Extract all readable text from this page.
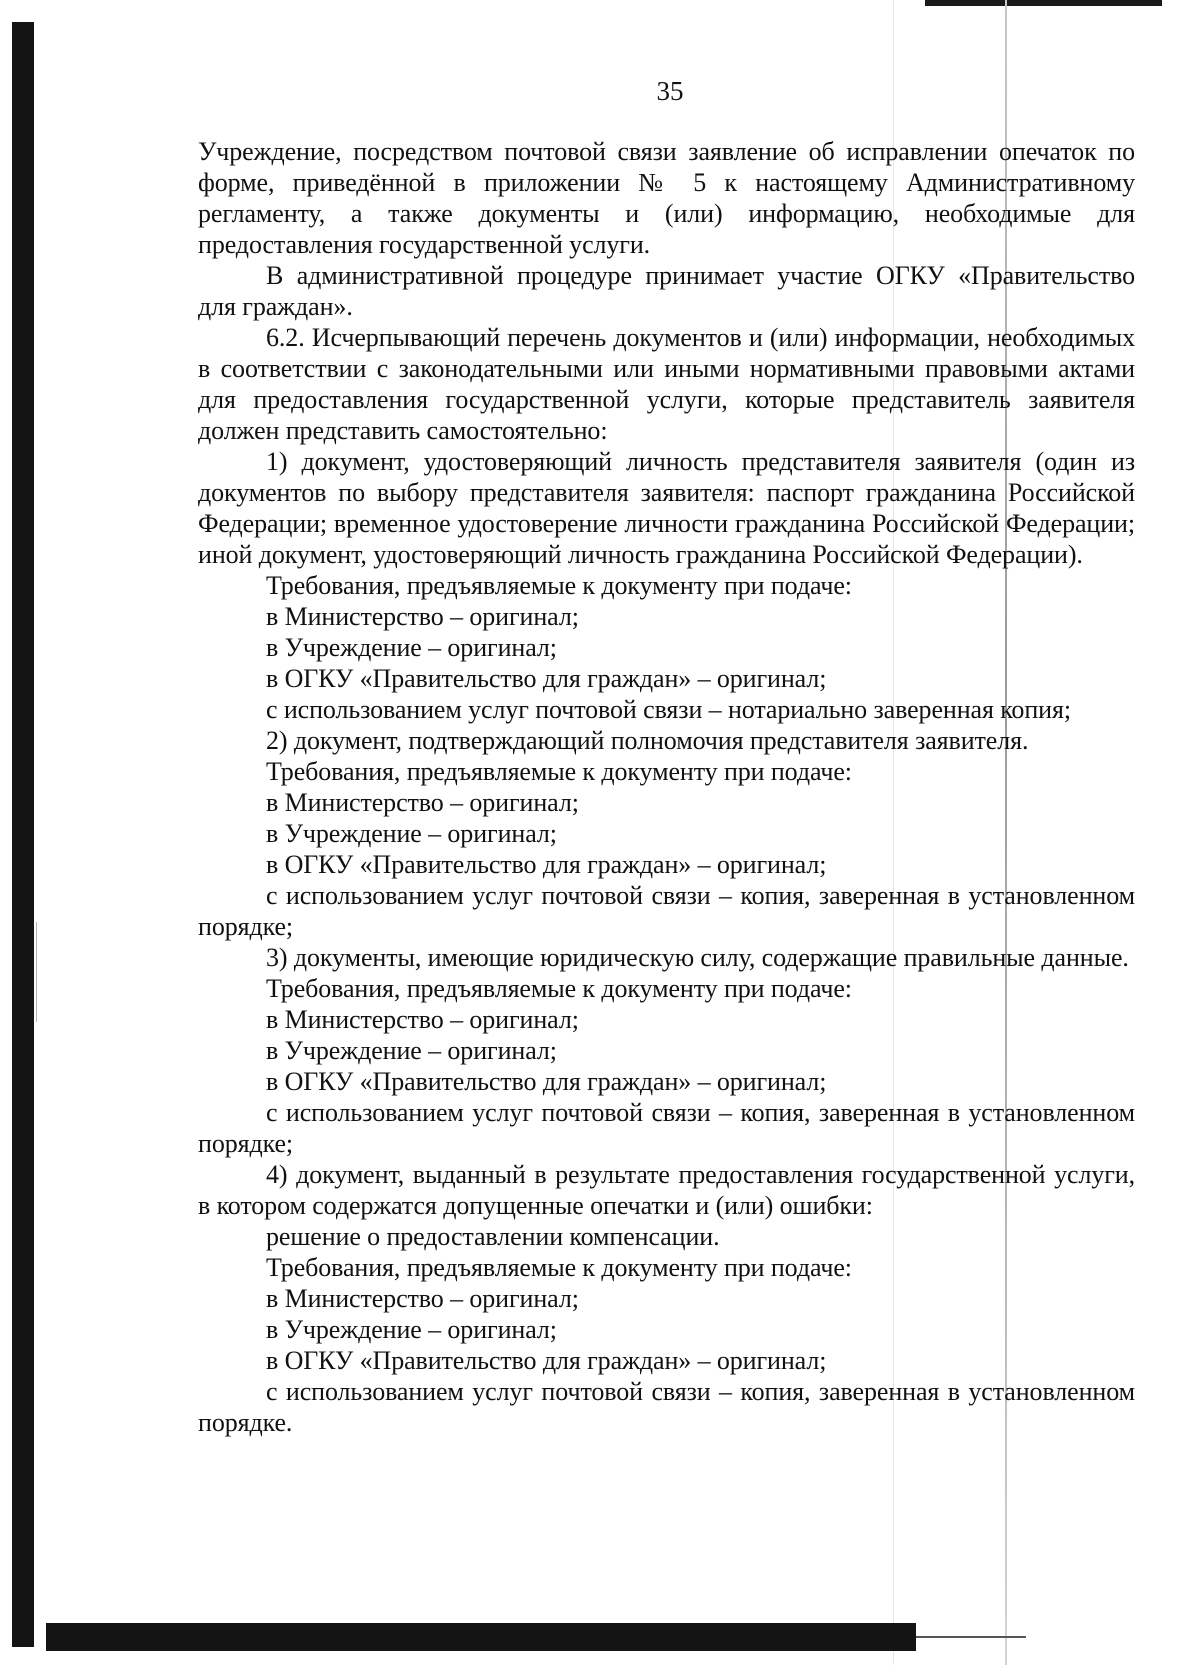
35

Учреждение, посредством почтовой связи заявление об исправлении опечаток по форме, приведённой в приложении № 5 к настоящему Административному регламенту, а также документы и (или) информацию, необходимые для предоставления государственной услуги.

В административной процедуре принимает участие ОГКУ «Правительство для граждан».

6.2. Исчерпывающий перечень документов и (или) информации, необходимых в соответствии с законодательными или иными нормативными правовыми актами для предоставления государственной услуги, которые представитель заявителя должен представить самостоятельно:

1) документ, удостоверяющий личность представителя заявителя (один из документов по выбору представителя заявителя: паспорт гражданина Российской Федерации; временное удостоверение личности гражданина Российской Федерации; иной документ, удостоверяющий личность гражданина Российской Федерации).

Требования, предъявляемые к документу при подаче:

в Министерство – оригинал;

в Учреждение – оригинал;

в ОГКУ «Правительство для граждан» – оригинал;

с использованием услуг почтовой связи – нотариально заверенная копия;

2) документ, подтверждающий полномочия представителя заявителя.

Требования, предъявляемые к документу при подаче:

в Министерство – оригинал;

в Учреждение – оригинал;

в ОГКУ «Правительство для граждан» – оригинал;

с использованием услуг почтовой связи – копия, заверенная в установленном порядке;

3) документы, имеющие юридическую силу, содержащие правильные данные.

Требования, предъявляемые к документу при подаче:

в Министерство – оригинал;

в Учреждение – оригинал;

в ОГКУ «Правительство для граждан» – оригинал;

с использованием услуг почтовой связи – копия, заверенная в установленном порядке;

4) документ, выданный в результате предоставления государственной услуги, в котором содержатся допущенные опечатки и (или) ошибки:

решение о предоставлении компенсации.

Требования, предъявляемые к документу при подаче:

в Министерство – оригинал;

в Учреждение – оригинал;

в ОГКУ «Правительство для граждан» – оригинал;

с использованием услуг почтовой связи – копия, заверенная в установленном порядке.
